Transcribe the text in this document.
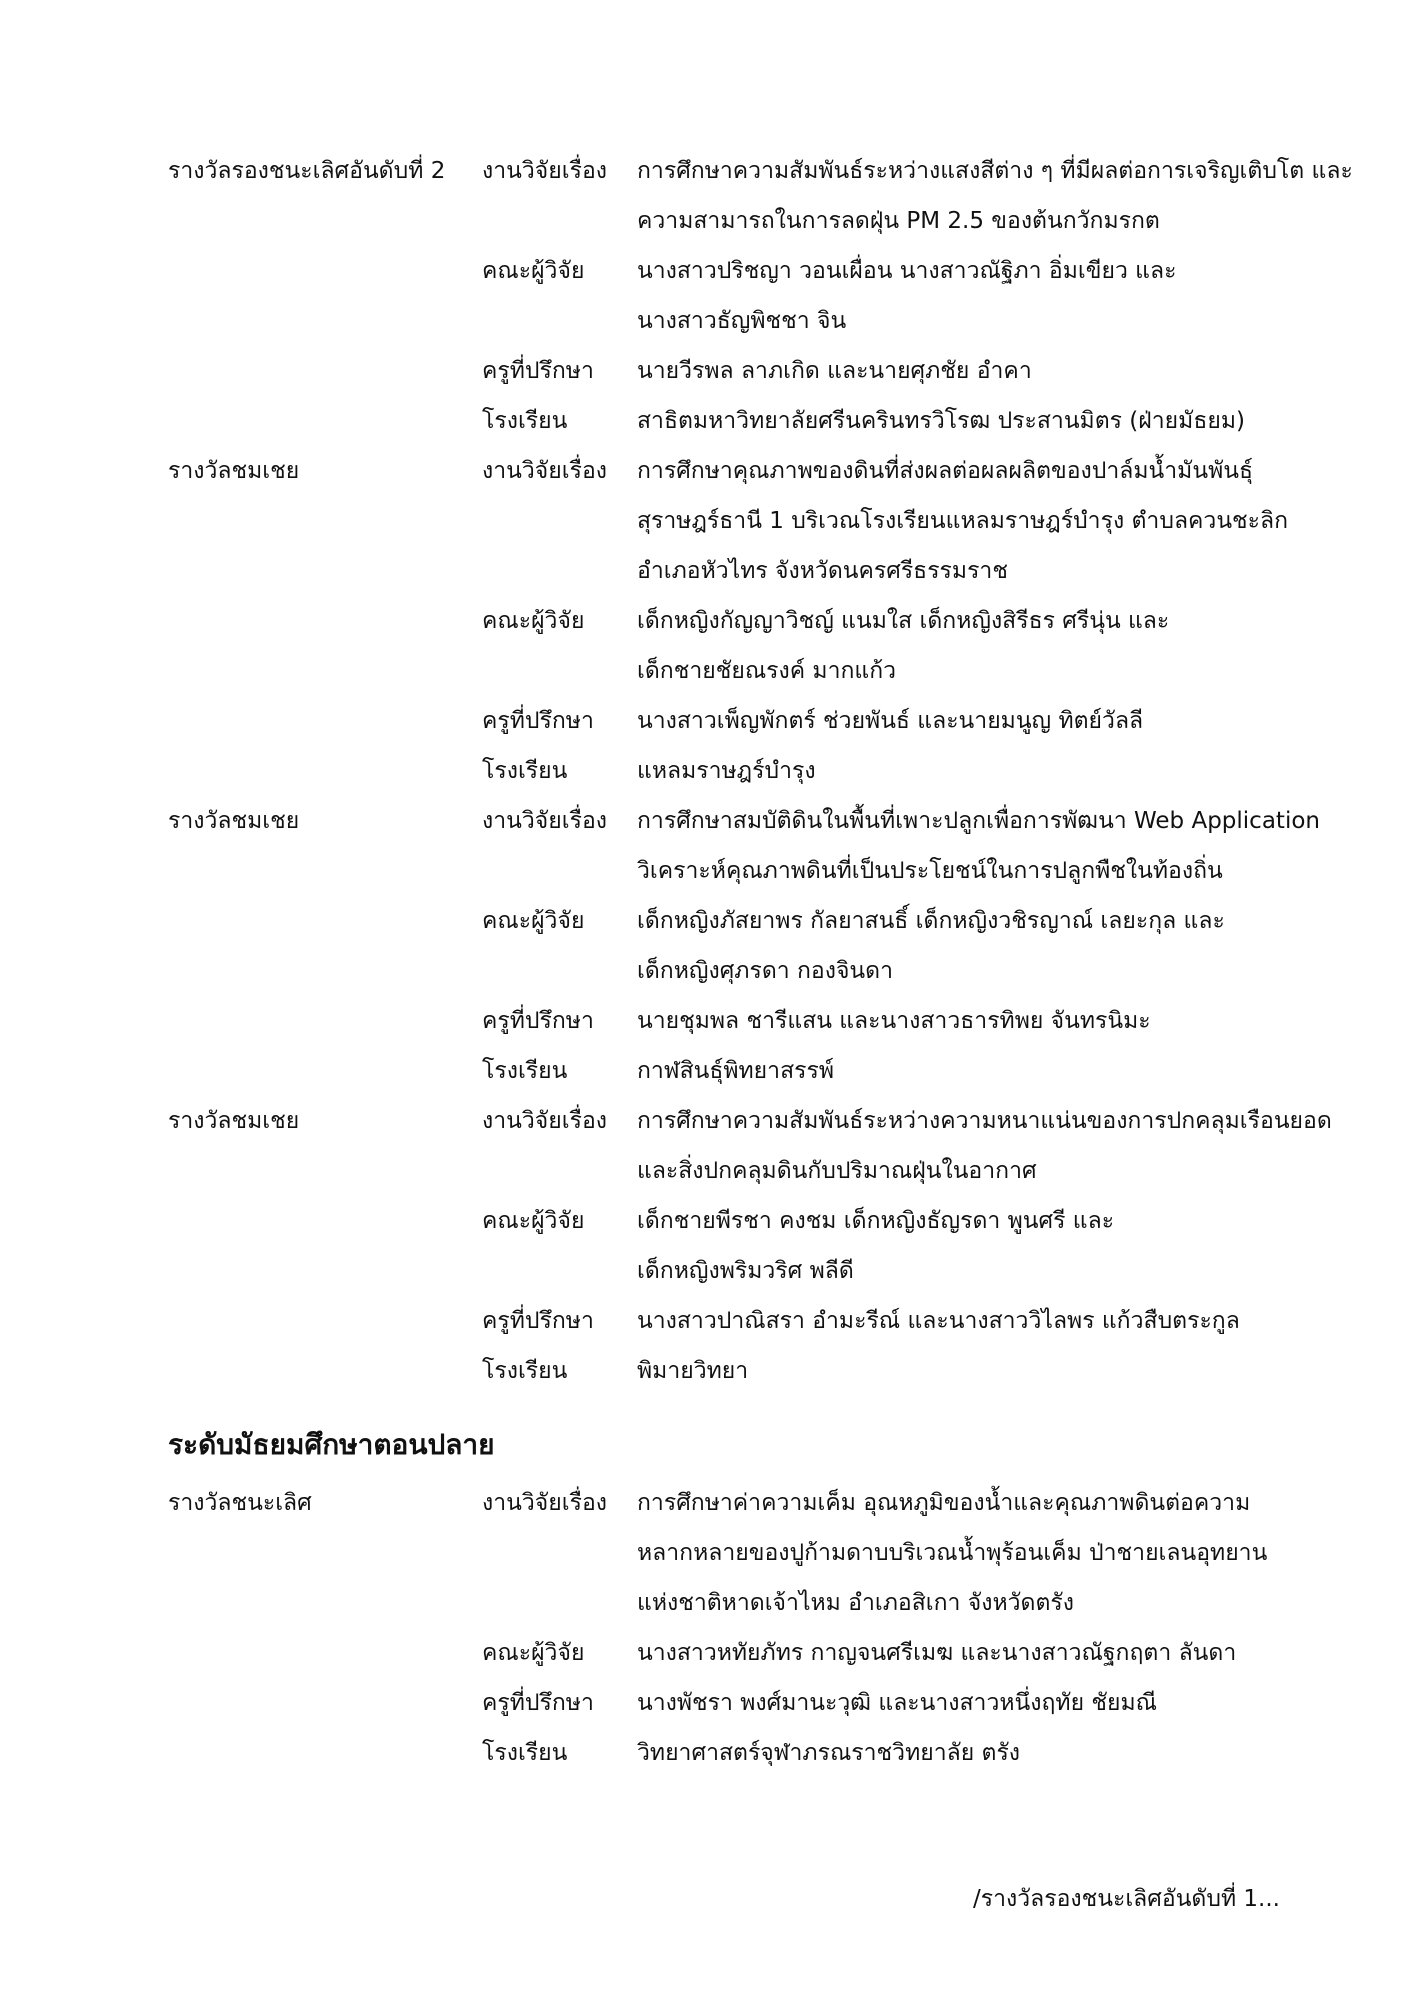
รางวัลรองชนะเลิศอันดับที่ 2	งานวิจัยเรื่อง	การศึกษาความสัมพันธ์ระหว่างแสงสีต่าง ๆ ที่มีผลต่อการเจริญเติบโต และ
ความสามารถในการลดฝุ่น PM 2.5 ของต้นกวักมรกต
คณะผู้วิจัย	นางสาวปริชญา วอนเผื่อน นางสาวณัฐิภา อิ่มเขียว และ
นางสาวธัญพิชชา จิน
ครูที่ปรึกษา	นายวีรพล ลาภเกิด และนายศุภชัย อำคา
โรงเรียน	สาธิตมหาวิทยาลัยศรีนครินทรวิโรฒ ประสานมิตร (ฝ่ายมัธยม)
รางวัลชมเชย	งานวิจัยเรื่อง	การศึกษาคุณภาพของดินที่ส่งผลต่อผลผลิตของปาล์มน้ำมันพันธุ์
สุราษฎร์ธานี 1 บริเวณโรงเรียนแหลมราษฎร์บำรุง ตำบลควนชะลิก
อำเภอหัวไทร จังหวัดนครศรีธรรมราช
คณะผู้วิจัย	เด็กหญิงกัญญาวิชญ์ แนมใส เด็กหญิงสิรีธร ศรีนุ่น และ
เด็กชายชัยณรงค์ มากแก้ว
ครูที่ปรึกษา	นางสาวเพ็ญพักตร์ ช่วยพันธ์ และนายมนูญ ทิตย์วัลลี
โรงเรียน	แหลมราษฎร์บำรุง
รางวัลชมเชย	งานวิจัยเรื่อง	การศึกษาสมบัติดินในพื้นที่เพาะปลูกเพื่อการพัฒนา Web Application
วิเคราะห์คุณภาพดินที่เป็นประโยชน์ในการปลูกพืชในท้องถิ่น
คณะผู้วิจัย	เด็กหญิงภัสยาพร กัลยาสนธิ์ เด็กหญิงวชิรญาณ์ เลยะกุล และ
เด็กหญิงศุภรดา กองจินดา
ครูที่ปรึกษา	นายชุมพล ชารีแสน และนางสาวธารทิพย จันทรนิมะ
โรงเรียน	กาฬสินธุ์พิทยาสรรพ์
รางวัลชมเชย	งานวิจัยเรื่อง	การศึกษาความสัมพันธ์ระหว่างความหนาแน่นของการปกคลุมเรือนยอด
และสิ่งปกคลุมดินกับปริมาณฝุ่นในอากาศ
คณะผู้วิจัย	เด็กชายพีรชา คงชม เด็กหญิงธัญรดา พูนศรี และ
เด็กหญิงพริมวริศ พลีดี
ครูที่ปรึกษา	นางสาวปาณิสรา อำมะรีณ์ และนางสาววิไลพร แก้วสืบตระกูล
โรงเรียน	พิมายวิทยา
ระดับมัธยมศึกษาตอนปลาย
รางวัลชนะเลิศ	งานวิจัยเรื่อง	การศึกษาค่าความเค็ม อุณหภูมิของน้ำและคุณภาพดินต่อความ
หลากหลายของปูก้ามดาบบริเวณน้ำพุร้อนเค็ม ป่าชายเลนอุทยาน
แห่งชาติหาดเจ้าไหม อำเภอสิเกา จังหวัดตรัง
คณะผู้วิจัย	นางสาวหทัยภัทร กาญจนศรีเมฆ และนางสาวณัฐกฤตา ลันดา
ครูที่ปรึกษา	นางพัชรา พงศ์มานะวุฒิ และนางสาวหนึ่งฤทัย ชัยมณี
โรงเรียน	วิทยาศาสตร์จุฬาภรณราชวิทยาลัย ตรัง
/รางวัลรองชนะเลิศอันดับที่ 1...
